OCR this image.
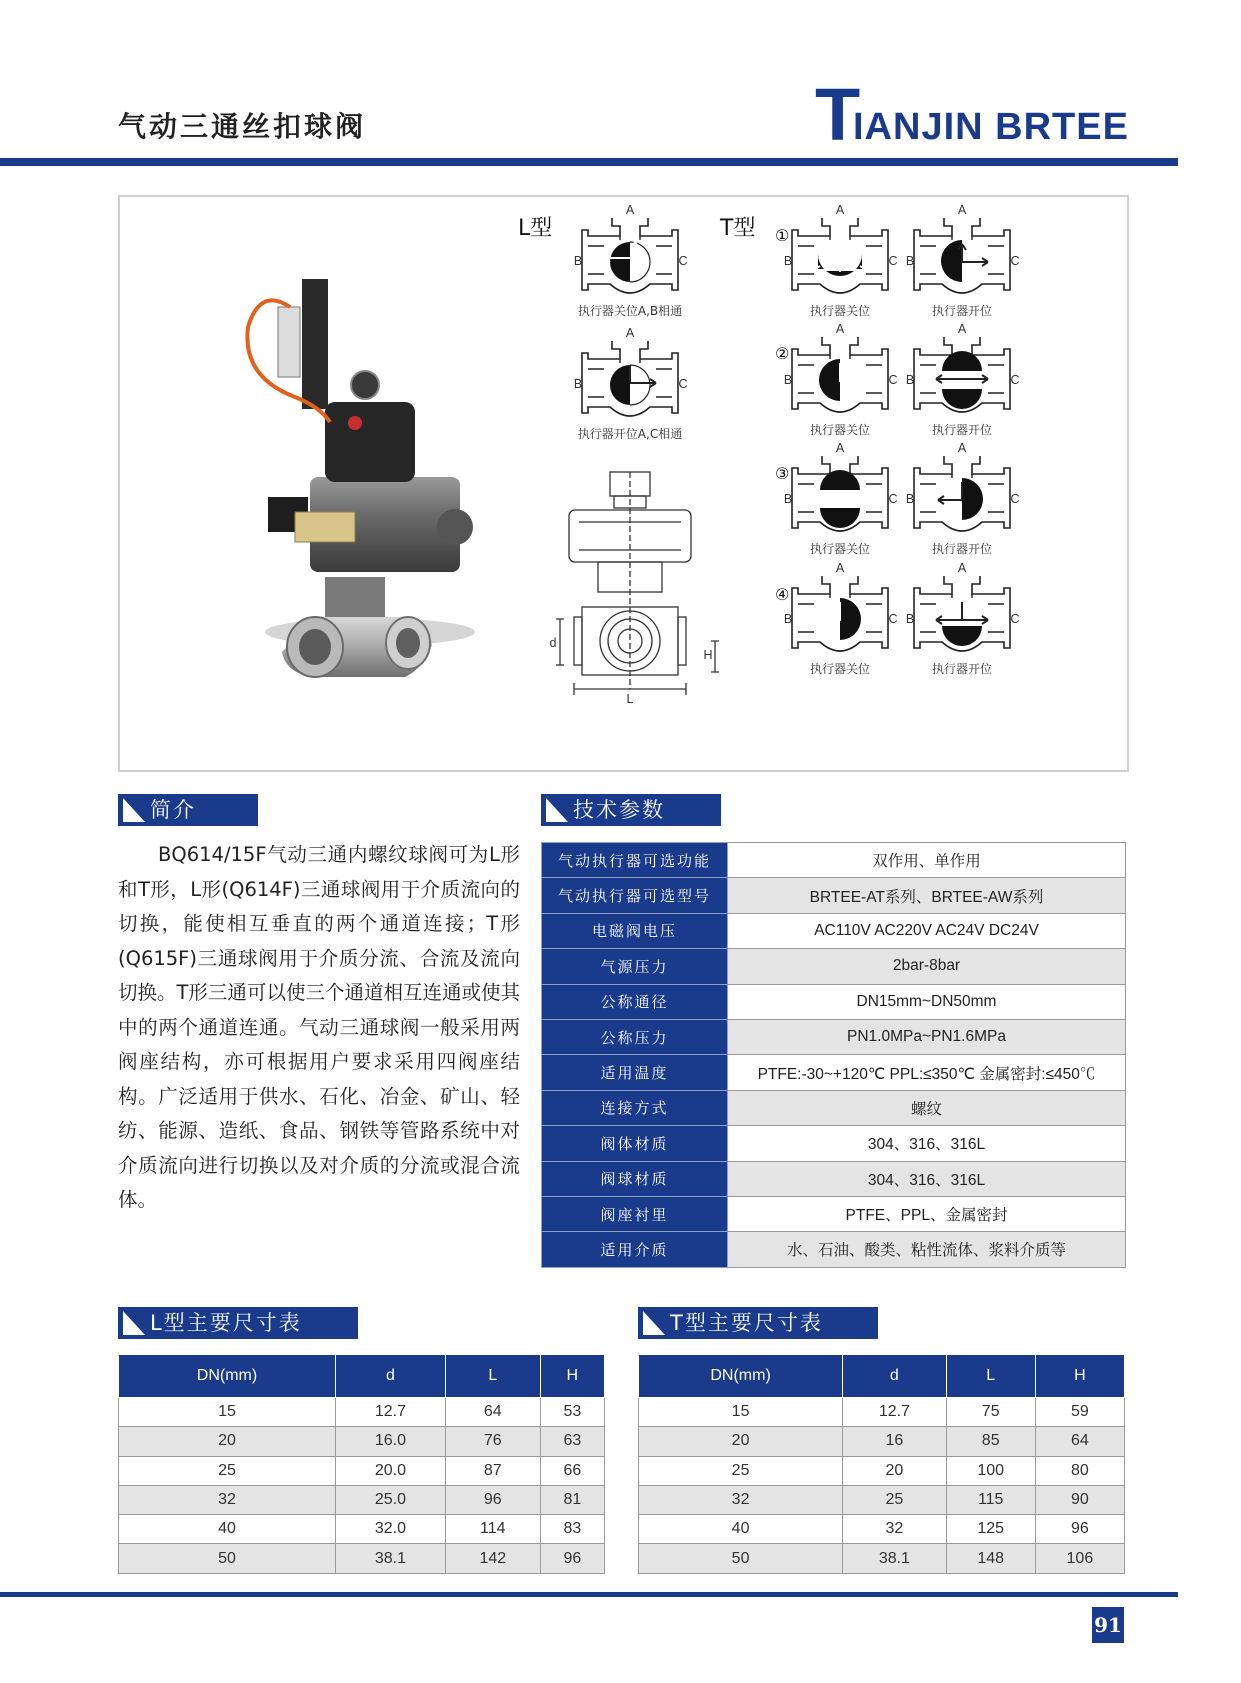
气动三通丝扣球阀	T
IANJIN BRTEE
L型
A
B	C
执行器关位A,B相通
A
B	C
执行器开位A,C相通
d
H
L
T型 ①
A
B	C
执行器关位
A
B	C
执行器开位
②
A
B	C
执行器关位
A
B	C
执行器开位
③
A
B	C
执行器关位
A
B	C
执行器开位
④
A
B	C
执行器关位
A
B	C
执行器开位
简介
BQ614/15F气动三通内螺纹球阀可为L形和T形，L形(Q614F)三通球阀用于介质流向的切换，能使相互垂直的两个通道连接；T形(Q615F)三通球阀用于介质分流、合流及流向切换。T形三通可以使三个通道相互连通或使其中的两个通道连通。气动三通球阀一般采用两阀座结构，亦可根据用户要求采用四阀座结构。广泛适用于供水、石化、冶金、矿山、轻纺、能源、造纸、食品、钢铁等管路系统中对介质流向进行切换以及对介质的分流或混合流体。
技术参数
气动执行器可选功能	双作用、单作用
气动执行器可选型号	BRTEE-AT系列、BRTEE-AW系列
电磁阀电压	AC110V AC220V AC24V DC24V
气源压力	2bar-8bar
公称通径	DN15mm~DN50mm
公称压力	PN1.0MPa~PN1.6MPa
适用温度	PTFE:-30~+120℃ PPL:≤350℃ 金属密封:≤450℃
连接方式	螺纹
阀体材质	304、316、316L
阀球材质	304、316、316L
阀座衬里	PTFE、PPL、金属密封
适用介质	水、石油、酸类、粘性流体、浆料介质等
L型主要尺寸表
DN(mm)	d	L	H
15	12.7	64	53
20	16.0	76	63
25	20.0	87	66
32	25.0	96	81
40	32.0	114	83
50	38.1	142	96
T型主要尺寸表
DN(mm)	d	L	H
15	12.7	75	59
20	16	85	64
25	20	100	80
32	25	115	90
40	32	125	96
50	38.1	148	106
91
